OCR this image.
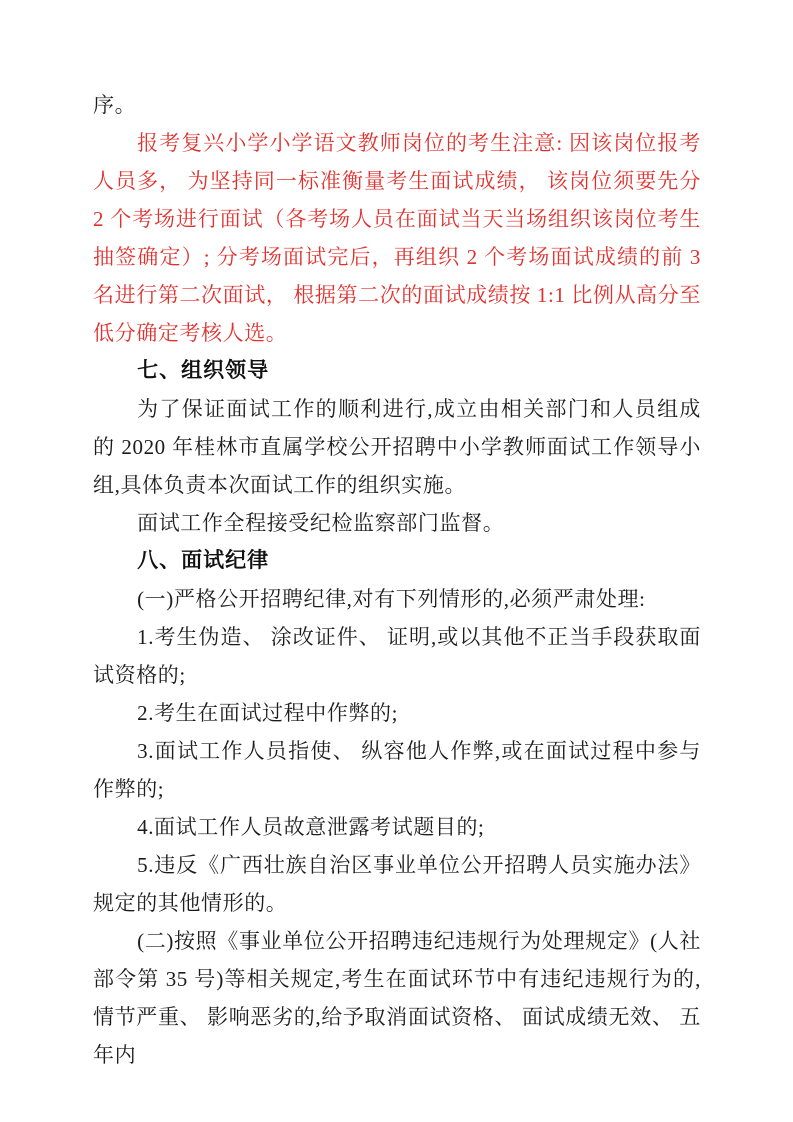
序。

报考复兴小学小学语文教师岗位的考生注意: 因该岗位报考人员多， 为坚持同一标准衡量考生面试成绩， 该岗位须要先分 2 个考场进行面试（各考场人员在面试当天当场组织该岗位考生抽签确定）; 分考场面试完后，再组织 2 个考场面试成绩的前 3 名进行第二次面试， 根据第二次的面试成绩按 1:1 比例从高分至低分确定考核人选。

七、组织领导

为了保证面试工作的顺利进行,成立由相关部门和人员组成的 2020 年桂林市直属学校公开招聘中小学教师面试工作领导小组,具体负责本次面试工作的组织实施。

面试工作全程接受纪检监察部门监督。

八、面试纪律

(一)严格公开招聘纪律,对有下列情形的,必须严肃处理:

1.考生伪造、 涂改证件、 证明,或以其他不正当手段获取面试资格的;

2.考生在面试过程中作弊的;

3.面试工作人员指使、 纵容他人作弊,或在面试过程中参与作弊的;

4.面试工作人员故意泄露考试题目的;

5.违反《广西壮族自治区事业单位公开招聘人员实施办法》规定的其他情形的。

(二)按照《事业单位公开招聘违纪违规行为处理规定》(人社部令第 35 号)等相关规定,考生在面试环节中有违纪违规行为的,情节严重、 影响恶劣的,给予取消面试资格、 面试成绩无效、 五年内
